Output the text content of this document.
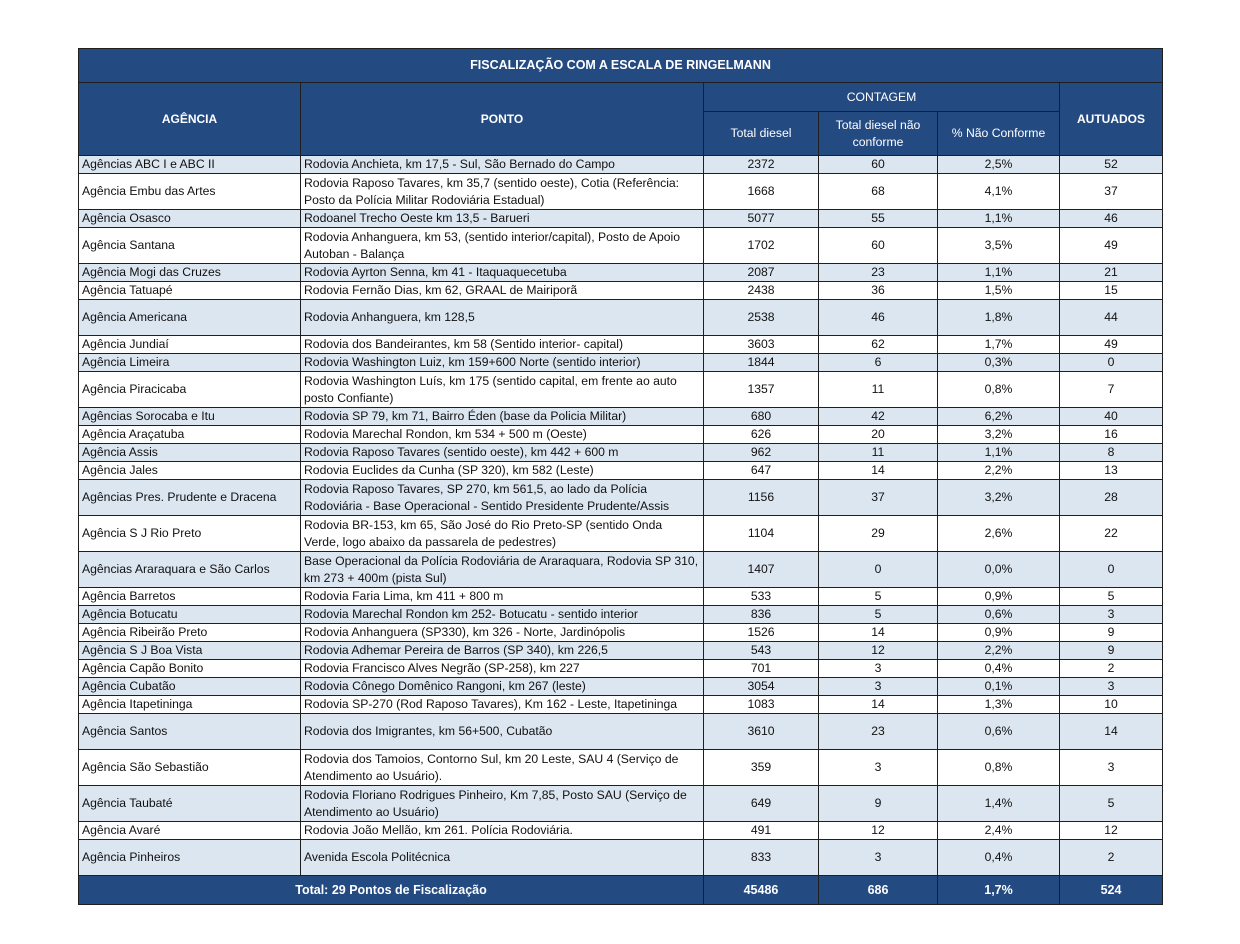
FISCALIZAÇÃO COM A ESCALA DE RINGELMANN					
AGÊNCIA	PONTO	CONTAGEM			AUTUADOS
		Total diesel	Total diesel não conforme	% Não Conforme	
Agências ABC I e ABC II	Rodovia Anchieta, km 17,5 - Sul, São Bernado do Campo	2372	60	2,5%	52
Agência Embu das Artes	Rodovia Raposo Tavares, km 35,7 (sentido oeste), Cotia (Referência: Posto da Polícia Militar Rodoviária Estadual)	1668	68	4,1%	37
Agência Osasco	Rodoanel Trecho Oeste km 13,5 - Barueri	5077	55	1,1%	46
Agência Santana	Rodovia Anhanguera, km 53, (sentido interior/capital), Posto de Apoio Autoban - Balança	1702	60	3,5%	49
Agência Mogi das Cruzes	Rodovia Ayrton Senna, km 41 - Itaquaquecetuba	2087	23	1,1%	21
Agência Tatuapé	Rodovia Fernão Dias, km 62, GRAAL de Mairiporã	2438	36	1,5%	15
Agência Americana	Rodovia Anhanguera, km 128,5	2538	46	1,8%	44
Agência Jundiaí	Rodovia dos Bandeirantes, km 58 (Sentido interior- capital)	3603	62	1,7%	49
Agência Limeira	Rodovia Washington Luiz, km 159+600 Norte (sentido interior)	1844	6	0,3%	0
Agência Piracicaba	Rodovia Washington Luís, km 175 (sentido capital, em frente ao auto posto Confiante)	1357	11	0,8%	7
Agências Sorocaba e Itu	Rodovia SP 79, km 71, Bairro Éden (base da Policia Militar)	680	42	6,2%	40
Agência Araçatuba	Rodovia Marechal Rondon, km 534 + 500 m (Oeste)	626	20	3,2%	16
Agência Assis	Rodovia Raposo Tavares (sentido oeste), km 442 + 600 m	962	11	1,1%	8
Agência Jales	Rodovia Euclides da Cunha (SP 320), km 582 (Leste)	647	14	2,2%	13
Agências Pres. Prudente e Dracena	Rodovia Raposo Tavares, SP 270, km 561,5, ao lado da Polícia Rodoviária - Base Operacional - Sentido Presidente Prudente/Assis	1156	37	3,2%	28
Agência S J Rio Preto	Rodovia BR-153, km 65, São José do Rio Preto-SP (sentido Onda Verde, logo abaixo da passarela de pedestres)	1104	29	2,6%	22
Agências Araraquara e São Carlos	Base Operacional da Polícia Rodoviária de Araraquara, Rodovia SP 310, km 273 + 400m (pista Sul)	1407	0	0,0%	0
Agência Barretos	Rodovia Faria Lima, km 411 + 800 m	533	5	0,9%	5
Agência Botucatu	Rodovia Marechal Rondon km 252- Botucatu - sentido interior	836	5	0,6%	3
Agência Ribeirão Preto	Rodovia Anhanguera (SP330), km 326 - Norte, Jardinópolis	1526	14	0,9%	9
Agência S J Boa Vista	Rodovia Adhemar Pereira de Barros (SP 340), km 226,5	543	12	2,2%	9
Agência Capão Bonito	Rodovia Francisco Alves Negrão (SP-258), km 227	701	3	0,4%	2
Agência Cubatão	Rodovia Cônego Domênico Rangoni, km 267 (leste)	3054	3	0,1%	3
Agência Itapetininga	Rodovia SP-270 (Rod Raposo Tavares), Km 162 - Leste, Itapetininga	1083	14	1,3%	10
Agência Santos	Rodovia dos Imigrantes, km 56+500, Cubatão	3610	23	0,6%	14
Agência São Sebastião	Rodovia dos Tamoios, Contorno Sul, km 20 Leste, SAU 4 (Serviço de Atendimento ao Usuário).	359	3	0,8%	3
Agência Taubaté	Rodovia Floriano Rodrigues Pinheiro, Km 7,85, Posto SAU (Serviço de Atendimento ao Usuário)	649	9	1,4%	5
Agência Avaré	Rodovia João Mellão, km 261. Polícia Rodoviária.	491	12	2,4%	12
Agência Pinheiros	Avenida Escola Politécnica	833	3	0,4%	2
Total: 29 Pontos de Fiscalização		45486	686	1,7%	524
